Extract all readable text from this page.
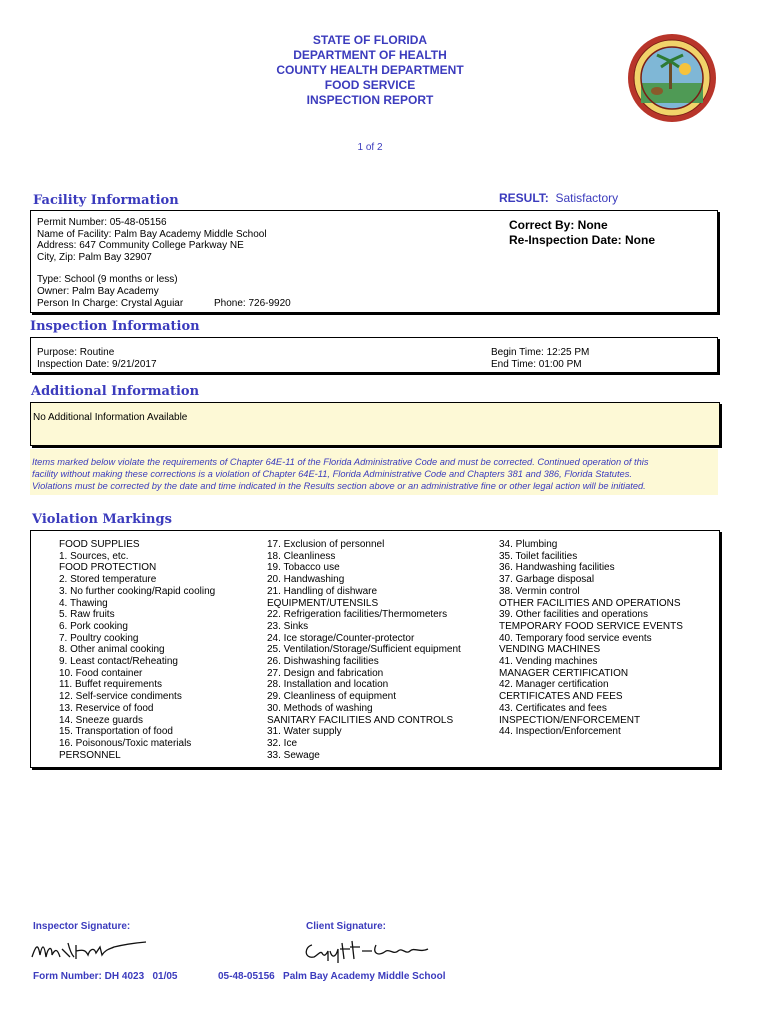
STATE OF FLORIDA
DEPARTMENT OF HEALTH
COUNTY HEALTH DEPARTMENT
FOOD SERVICE
INSPECTION REPORT
1 of 2
Facility Information	RESULT: Satisfactory
Permit Number: 05-48-05156
Name of Facility: Palm Bay Academy Middle School
Address: 647 Community College Parkway NE
City, Zip: Palm Bay 32907
Type: School (9 months or less)
Owner: Palm Bay Academy
Person In Charge: Crystal Aguiar	Phone: 726-9920
Correct By: None
Re-Inspection Date: None
Inspection Information
Purpose: Routine
Inspection Date: 9/21/2017
Begin Time: 12:25 PM
End Time: 01:00 PM
Additional Information
No Additional Information Available
Items marked below violate the requirements of Chapter 64E-11 of the Florida Administrative Code and must be corrected. Continued operation of this
facility without making these corrections is a violation of Chapter 64E-11, Florida Administrative Code and Chapters 381 and 386, Florida Statutes.
Violations must be corrected by the date and time indicated in the Results section above or an administrative fine or other legal action will be initiated.
Violation Markings
FOOD SUPPLIES
1. Sources, etc.
FOOD PROTECTION
2. Stored temperature
3. No further cooking/Rapid cooling
4. Thawing
5. Raw fruits
6. Pork cooking
7. Poultry cooking
8. Other animal cooking
9. Least contact/Reheating
10. Food container
11. Buffet requirements
12. Self-service condiments
13. Reservice of food
14. Sneeze guards
15. Transportation of food
16. Poisonous/Toxic materials
PERSONNEL
17. Exclusion of personnel
18. Cleanliness
19. Tobacco use
20. Handwashing
21. Handling of dishware
EQUIPMENT/UTENSILS
22. Refrigeration facilities/Thermometers
23. Sinks
24. Ice storage/Counter-protector
25. Ventilation/Storage/Sufficient equipment
26. Dishwashing facilities
27. Design and fabrication
28. Installation and location
29. Cleanliness of equipment
30. Methods of washing
SANITARY FACILITIES AND CONTROLS
31. Water supply
32. Ice
33. Sewage
34. Plumbing
35. Toilet facilities
36. Handwashing facilities
37. Garbage disposal
38. Vermin control
OTHER FACILITIES AND OPERATIONS
39. Other facilities and operations
TEMPORARY FOOD SERVICE EVENTS
40. Temporary food service events
VENDING MACHINES
41. Vending machines
MANAGER CERTIFICATION
42. Manager certification
CERTIFICATES AND FEES
43. Certificates and fees
INSPECTION/ENFORCEMENT
44. Inspection/Enforcement
Inspector Signature:	Client Signature:
Form Number: DH 4023   01/05	05-48-05156   Palm Bay Academy Middle School
